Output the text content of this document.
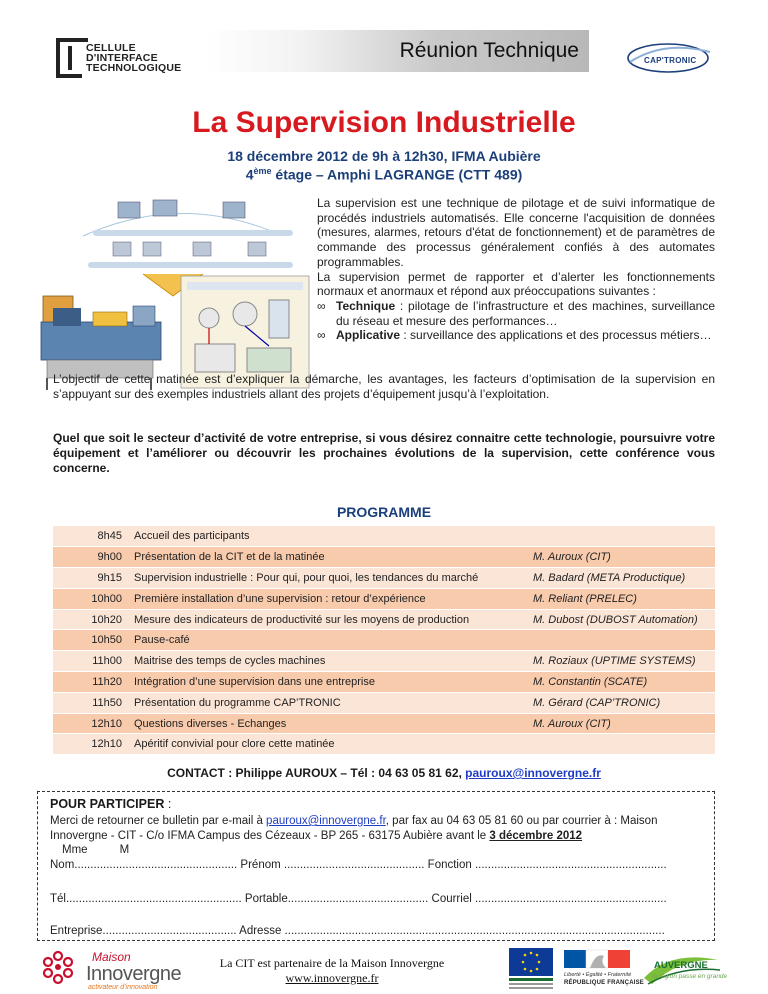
CELLULE
D'INTERFACE
TECHNOLOGIQUE
Réunion Technique	CAP'TRONIC
La Supervision Industrielle
18 décembre 2012 de 9h à 12h30, IFMA Aubière
4ème étage – Amphi LAGRANGE (CTT 489)

La supervision est une technique de pilotage et de suivi informatique de procédés industriels automatisés. Elle concerne l'acquisition de données (mesures, alarmes, retours d'état de fonctionnement) et de paramètres de commande des processus généralement confiés à des automates programmables.

La supervision permet de rapporter et d’alerter les fonctionnements normaux et anormaux et répond aux préoccupations suivantes :

∞ Technique : pilotage de l’infrastructure et des machines, surveillance du réseau et mesure des performances…
∞ Applicative : surveillance des applications et des processus métiers…
L’objectif de cette matinée est d’expliquer la démarche, les avantages, les facteurs d’optimisation de la supervision en s’appuyant sur des exemples industriels allant des projets d’équipement jusqu’à l’exploitation.
Quel que soit le secteur d’activité de votre entreprise, si vous désirez connaitre cette technologie, poursuivre votre équipement et l’améliorer ou découvrir les prochaines évolutions de la supervision, cette conférence vous concerne.
PROGRAMME
8h45	Accueil des participants	
9h00	Présentation de la CIT et de la matinée	M. Auroux (CIT)
9h15	Supervision industrielle : Pour qui, pour quoi, les tendances du marché	M. Badard (META Productique)
10h00	Première installation d’une supervision : retour d’expérience	M. Reliant (PRELEC)
10h20	Mesure des indicateurs de productivité sur les moyens de production	M. Dubost (DUBOST Automation)
10h50	Pause-café	
11h00	Maitrise des temps de cycles machines	M. Roziaux (UPTIME SYSTEMS)
11h20	Intégration d’une supervision dans une entreprise	M. Constantin (SCATE)
11h50	Présentation du programme CAP’TRONIC	M. Gérard (CAP’TRONIC)
12h10	Questions diverses - Echanges	M. Auroux (CIT)
12h10	Apéritif convivial pour clore cette matinée	
CONTACT : Philippe AUROUX – Tél : 04 63 05 81 62, pauroux@innovergne.fr
POUR PARTICIPER :
Merci de retourner ce bulletin par e-mail à pauroux@innovergne.fr, par fax au 04 63 05 81 60 ou par courrier à : Maison Innovergne - CIT - C/o IFMA Campus des Cézeaux - BP 265 - 63175 Aubière avant le 3 décembre 2012
Mme	M
Nom................................................... Prénom ............................................ Fonction ............................................................
Tél....................................................... Portable............................................ Courriel ............................................................
Entreprise.......................................... Adresse .......................................................................................................................
Maison
Innovergne
activateur d'innovation
La CIT est partenaire de la Maison Innovergne
www.innovergne.fr	Liberté • Égalité • Fraternité
RÉPUBLIQUE FRANÇAISE
AUVERGNE
la région passe en grande
